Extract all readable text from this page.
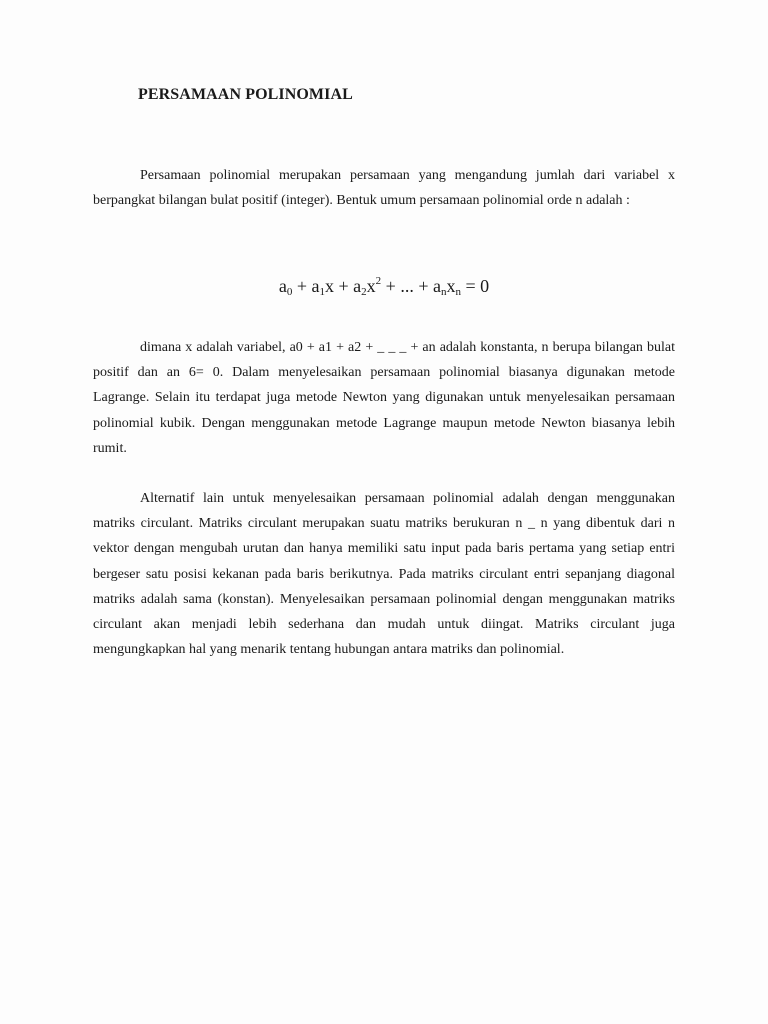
PERSAMAAN POLINOMIAL

Persamaan polinomial merupakan persamaan yang mengandung jumlah dari variabel x berpangkat bilangan bulat positif (integer). Bentuk umum persamaan polinomial orde n adalah :

$a_0 + a_1x + a_2x^2$ + ... + $a_nx_n = 0$

dimana x adalah variabel, a0 + a1 + a2 + _ _ _ + an adalah konstanta, n berupa bilangan bulat positif dan an 6= 0. Dalam menyelesaikan persamaan polinomial biasanya digunakan metode Lagrange. Selain itu terdapat juga metode Newton yang digunakan untuk menyelesaikan persamaan polinomial kubik. Dengan menggunakan metode Lagrange maupun metode Newton biasanya lebih rumit.

Alternatif lain untuk menyelesaikan persamaan polinomial adalah dengan menggunakan matriks circulant. Matriks circulant merupakan suatu matriks berukuran n _ n yang dibentuk dari n vektor dengan mengubah urutan dan hanya memiliki satu input pada baris pertama yang setiap entri bergeser satu posisi kekanan pada baris berikutnya. Pada matriks circulant entri sepanjang diagonal matriks adalah sama (konstan). Menyelesaikan persamaan polinomial dengan menggunakan matriks circulant akan menjadi lebih sederhana dan mudah untuk diingat. Matriks circulant juga mengungkapkan hal yang menarik tentang hubungan antara matriks dan polinomial.
